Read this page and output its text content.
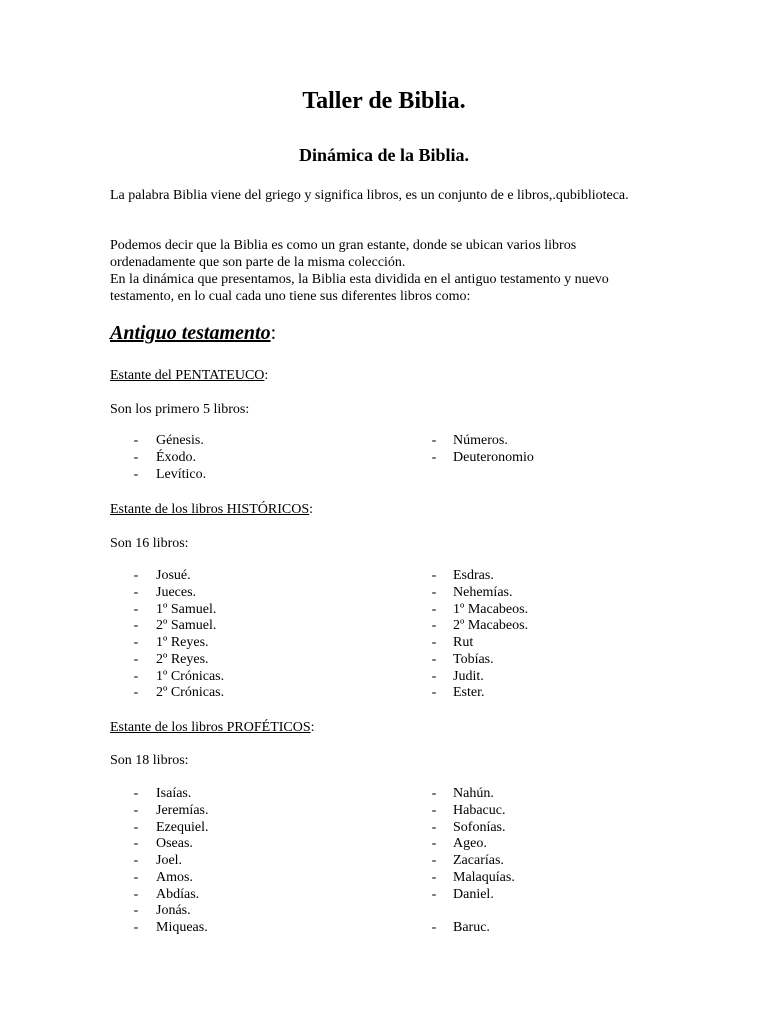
Taller de Biblia.
Dinámica de la Biblia.
La palabra Biblia viene del griego y significa libros, es un conjunto de e libros,.qubiblioteca.
Podemos decir que la Biblia es como un gran estante, donde se ubican varios libros ordenadamente que son parte de la misma colección.
En la dinámica que presentamos, la Biblia esta dividida en el antiguo testamento y nuevo testamento, en lo cual cada uno tiene sus diferentes libros como:
Antiguo testamento:
Estante del PENTATEUCO:
Son los primero 5 libros:
-	Génesis.
-	Éxodo.
-	Levítico.
-	Números.
-	Deuteronomio
Estante de los libros HISTÓRICOS:
Son 16 libros:
-	Josué.
-	Jueces.
-	1º Samuel.
-	2º Samuel.
-	1º Reyes.
-	2º Reyes.
-	1º Crónicas.
-	2º Crónicas.
-	Esdras.
-	Nehemías.
-	1º Macabeos.
-	2º Macabeos.
-	Rut
-	Tobías.
-	Judit.
-	Ester.
Estante de los libros PROFÉTICOS:
Son 18 libros:
-	Isaías.
-	Jeremías.
-	Ezequiel.
-	Oseas.
-	Joel.
-	Amos.
-	Abdías.
-	Jonás.
-	Miqueas.
-	Nahún.
-	Habacuc.
-	Sofonías.
-	Ageo.
-	Zacarías.
-	Malaquías.
-	Daniel.
-	Baruc.
